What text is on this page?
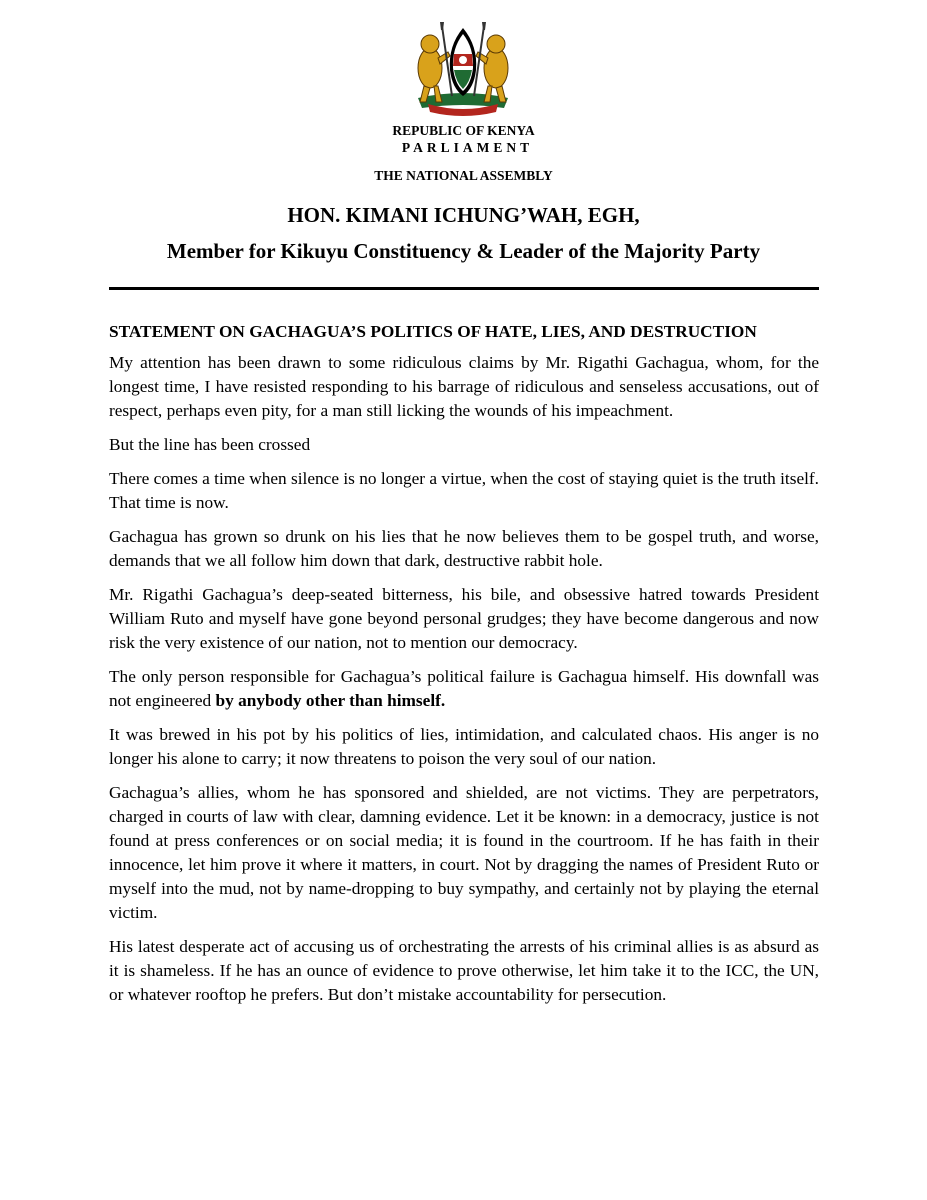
REPUBLIC OF KENYA
PARLIAMENT
THE NATIONAL ASSEMBLY
HON. KIMANI ICHUNG’WAH, EGH,
Member for Kikuyu Constituency & Leader of the Majority Party
STATEMENT ON GACHAGUA’S POLITICS OF HATE, LIES, AND DESTRUCTION

My attention has been drawn to some ridiculous claims by Mr. Rigathi Gachagua, whom, for the longest time, I have resisted responding to his barrage of ridiculous and senseless accusations, out of respect, perhaps even pity, for a man still licking the wounds of his impeachment.

But the line has been crossed

There comes a time when silence is no longer a virtue, when the cost of staying quiet is the truth itself. That time is now.

Gachagua has grown so drunk on his lies that he now believes them to be gospel truth, and worse, demands that we all follow him down that dark, destructive rabbit hole.

Mr. Rigathi Gachagua’s deep-seated bitterness, his bile, and obsessive hatred towards President William Ruto and myself have gone beyond personal grudges; they have become dangerous and now risk the very existence of our nation, not to mention our democracy.

The only person responsible for Gachagua’s political failure is Gachagua himself. His downfall was not engineered by anybody other than himself.

It was brewed in his pot by his politics of lies, intimidation, and calculated chaos. His anger is no longer his alone to carry; it now threatens to poison the very soul of our nation.

Gachagua’s allies, whom he has sponsored and shielded, are not victims. They are perpetrators, charged in courts of law with clear, damning evidence. Let it be known: in a democracy, justice is not found at press conferences or on social media; it is found in the courtroom. If he has faith in their innocence, let him prove it where it matters, in court. Not by dragging the names of President Ruto or myself into the mud, not by name-dropping to buy sympathy, and certainly not by playing the eternal victim.

His latest desperate act of accusing us of orchestrating the arrests of his criminal allies is as absurd as it is shameless. If he has an ounce of evidence to prove otherwise, let him take it to the ICC, the UN, or whatever rooftop he prefers. But don’t mistake accountability for persecution.
